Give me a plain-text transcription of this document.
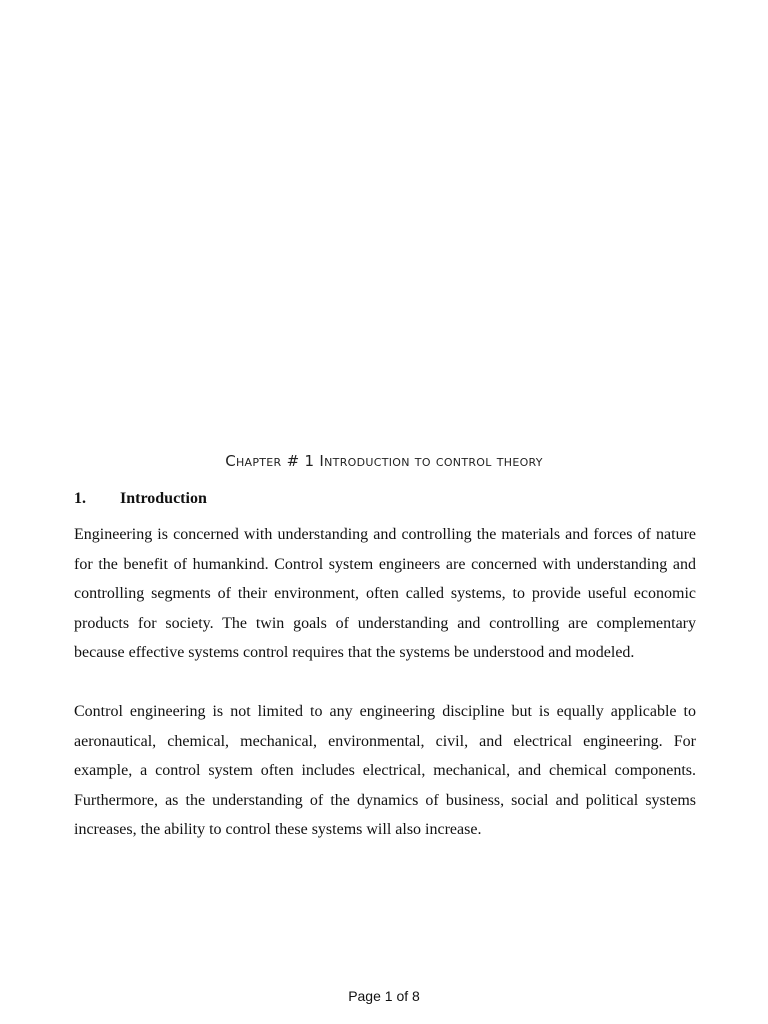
Chapter # 1 Introduction to control theory
1. Introduction
Engineering is concerned with understanding and controlling the materials and forces of nature for the benefit of humankind. Control system engineers are concerned with understanding and controlling segments of their environment, often called systems, to provide useful economic products for society. The twin goals of understanding and controlling are complementary because effective systems control requires that the systems be understood and modeled.
Control engineering is not limited to any engineering discipline but is equally applicable to aeronautical, chemical, mechanical, environmental, civil, and electrical engineering. For example, a control system often includes electrical, mechanical, and chemical components. Furthermore, as the understanding of the dynamics of business, social and political systems increases, the ability to control these systems will also increase.
Page 1 of 8
